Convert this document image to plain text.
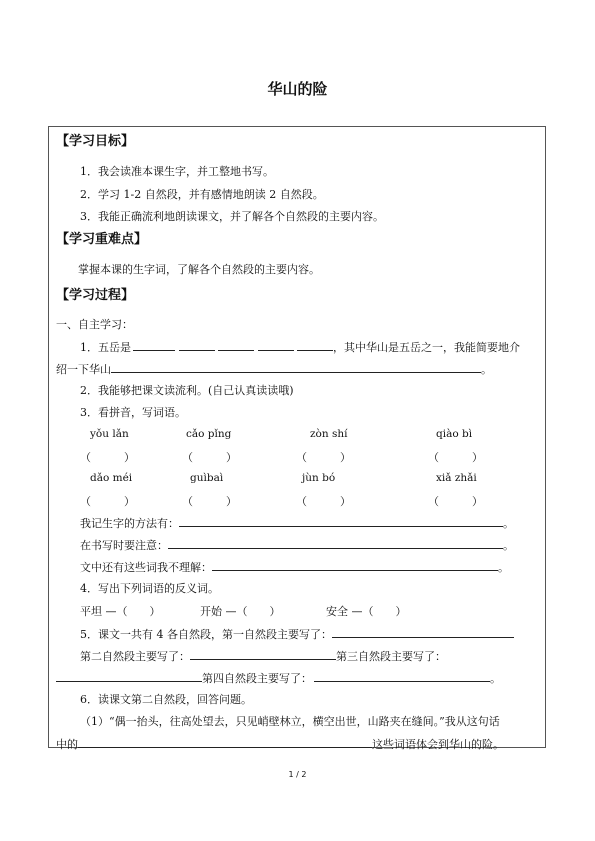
华山的险
【学习目标】
1．我会读准本课生字，并工整地书写。
2．学习 1-2 自然段，并有感情地朗读 2 自然段。
3．我能正确流利地朗读课文，并了解各个自然段的主要内容。
【学习重难点】
掌握本课的生字词，了解各个自然段的主要内容。
【学习过程】
一、自主学习：
1．五岳是	，其中华山是五岳之一，我能简要地介
绍一下华山	。
2．我能够把课文读流利。(自己认真读读哦)
3．看拼音，写词语。
yǒu lǎn	cǎo pǐng	zòn shí	qiào bì
（　　　）	（　　　）	（　　　）	（　　　）
dǎo méi	guìbaì	jùn bó	xiǎ zhǎi
（　　　）	（　　　）	（　　　）	（　　　）
我记生字的方法有：	。
在书写时要注意：	。
文中还有这些词我不理解：	。
4．写出下列词语的反义词。
平坦 —（　　）	开始 —（　　）	安全 —（　　）
5．课文一共有 4 各自然段，第一自然段主要写了：
第二自然段主要写了：	第三自然段主要写了：
第四自然段主要写了：	。
6．读课文第二自然段，回答问题。
（1）“偶一抬头，往高处望去，只见峭壁林立，横空出世，山路夹在缝间。”我从这句话
中的	这些词语体会到华山的险。
1 / 2
